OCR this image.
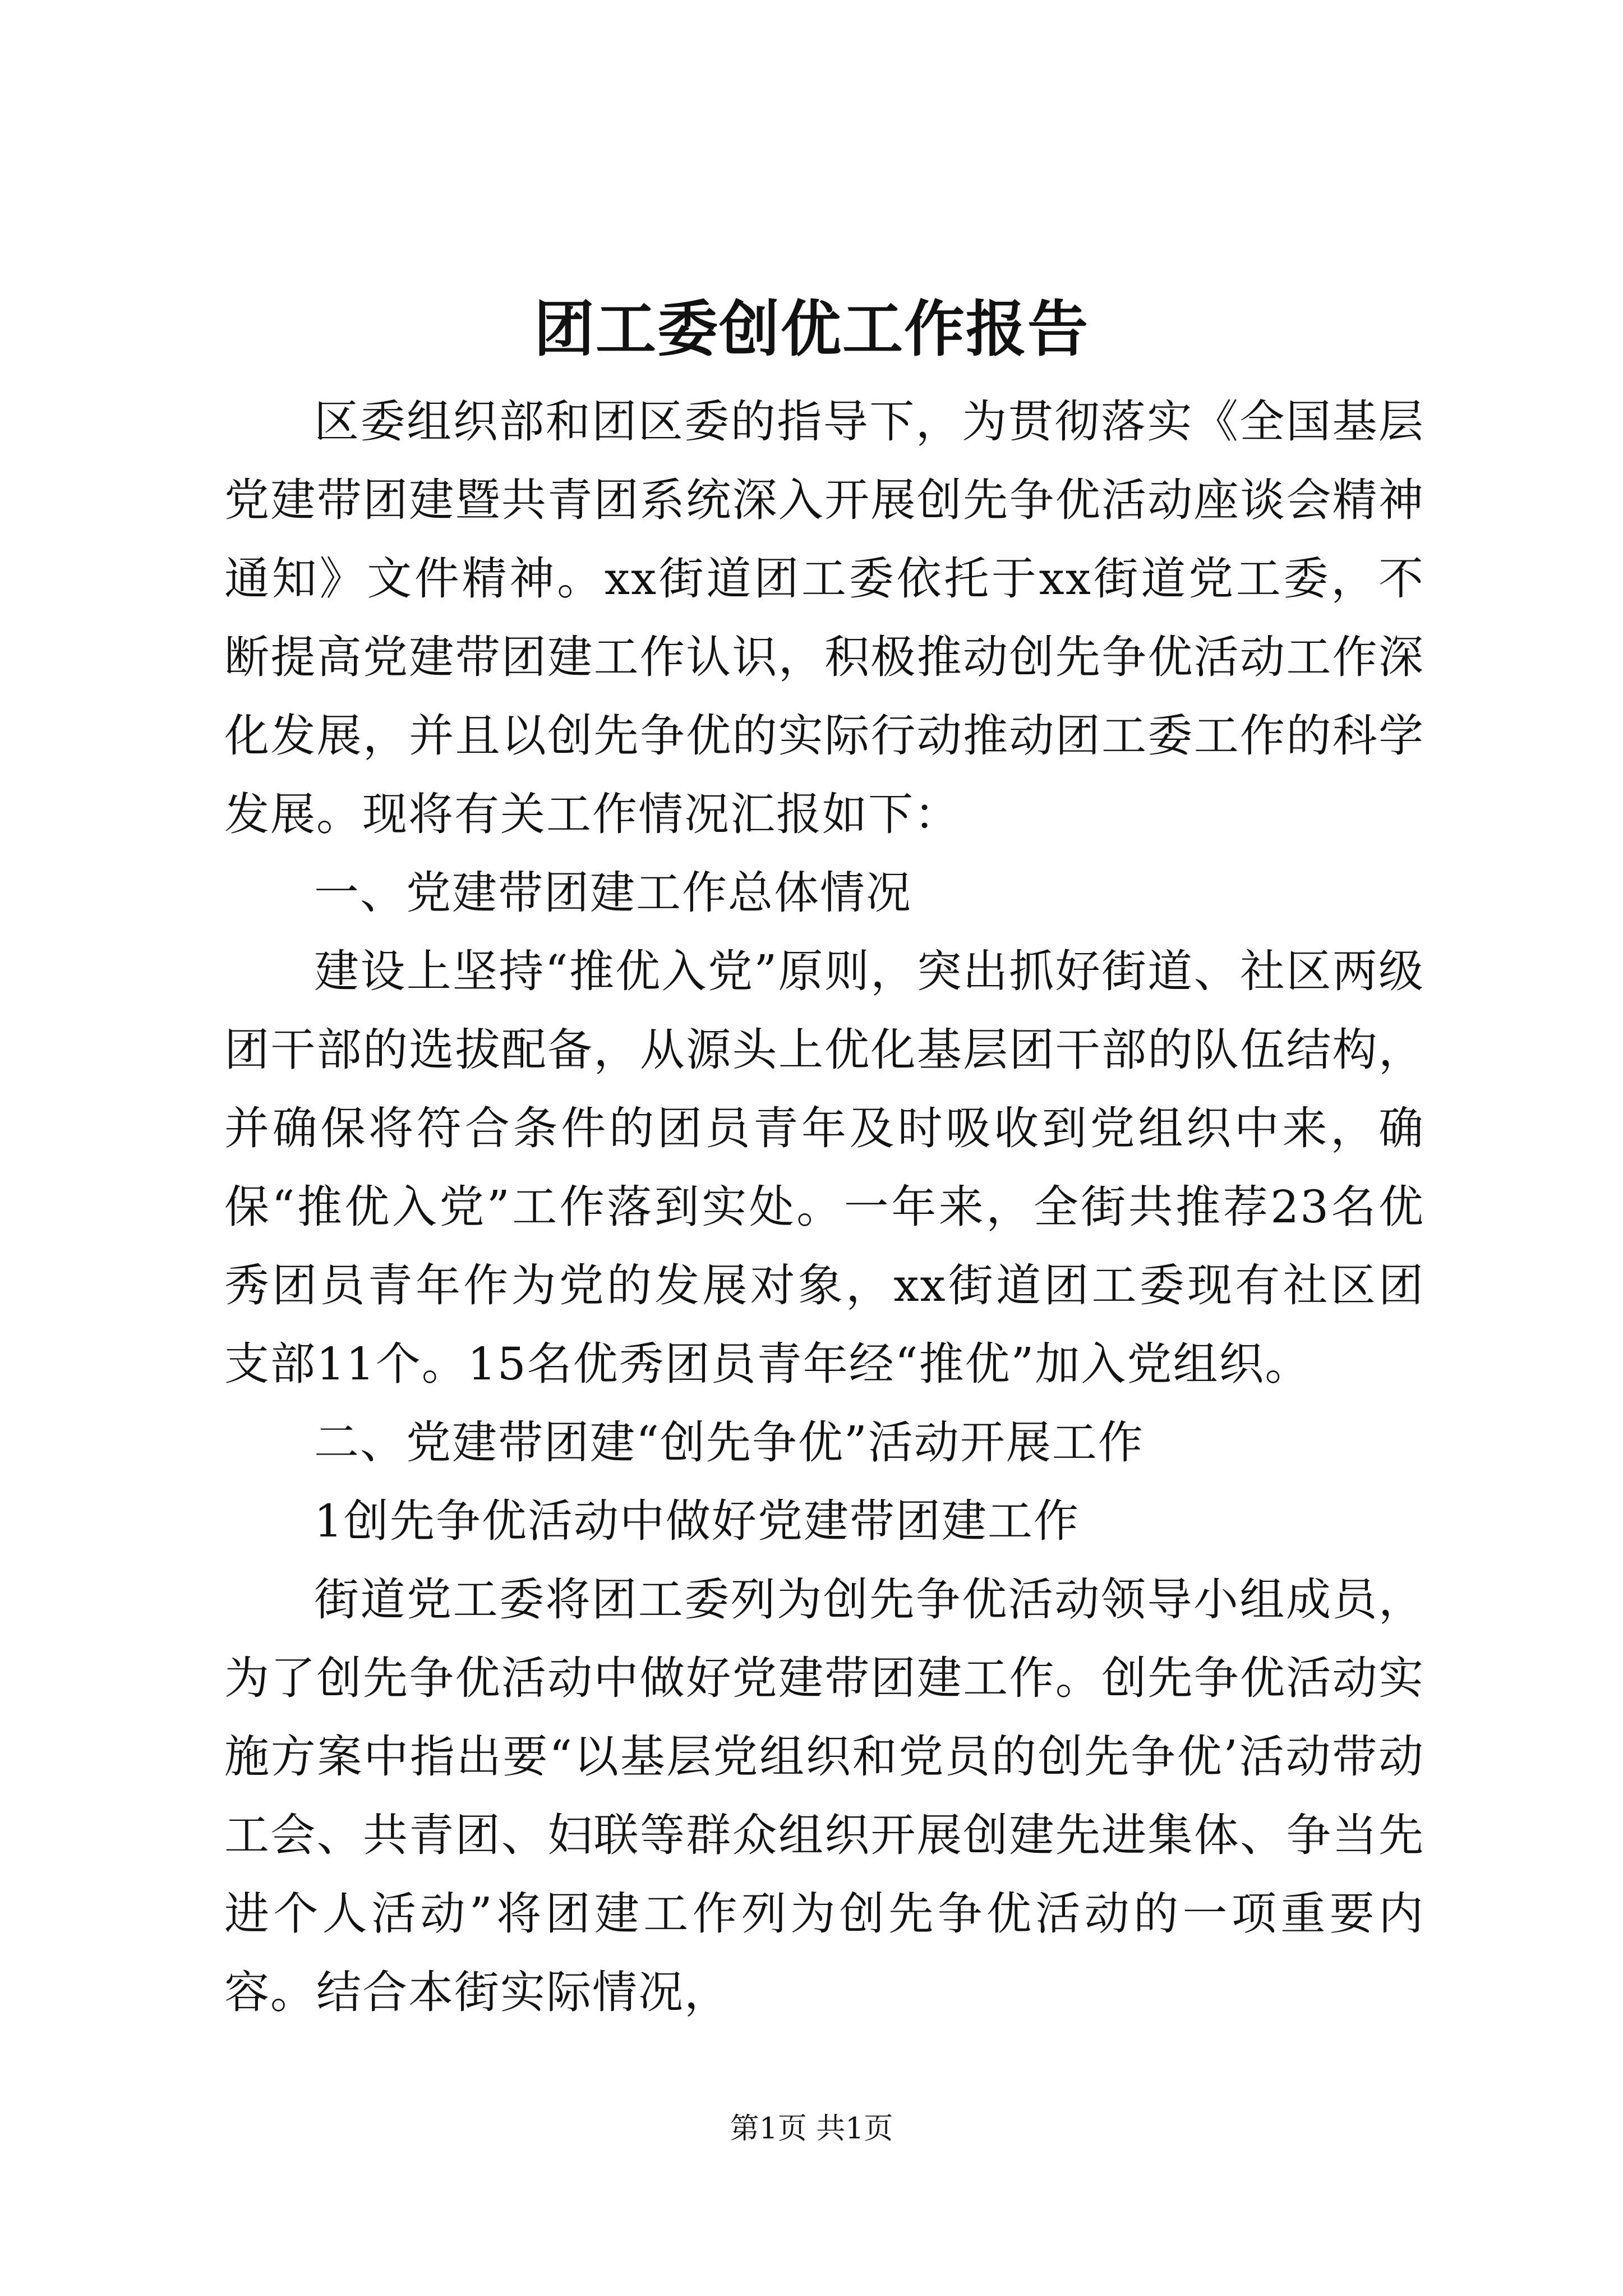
团工委创优工作报告

区委组织部和团区委的指导下，为贯彻落实《全国基层党建带团建暨共青团系统深入开展创先争优活动座谈会精神通知》文件精神。xx街道团工委依托于xx街道党工委，不断提高党建带团建工作认识，积极推动创先争优活动工作深化发展，并且以创先争优的实际行动推动团工委工作的科学发展。现将有关工作情况汇报如下：

一、党建带团建工作总体情况

建设上坚持“推优入党”原则，突出抓好街道、社区两级团干部的选拔配备，从源头上优化基层团干部的队伍结构，并确保将符合条件的团员青年及时吸收到党组织中来，确保“推优入党”工作落到实处。一年来，全街共推荐23名优秀团员青年作为党的发展对象，xx街道团工委现有社区团支部11个。15名优秀团员青年经“推优”加入党组织。

二、党建带团建“创先争优”活动开展工作

1创先争优活动中做好党建带团建工作

街道党工委将团工委列为创先争优活动领导小组成员，为了创先争优活动中做好党建带团建工作。创先争优活动实施方案中指出要“以基层党组织和党员的创先争优’活动带动工会、共青团、妇联等群众组织开展创建先进集体、争当先进个人活动”将团建工作列为创先争优活动的一项重要内容。结合本街实际情况，

第1页 共1页
